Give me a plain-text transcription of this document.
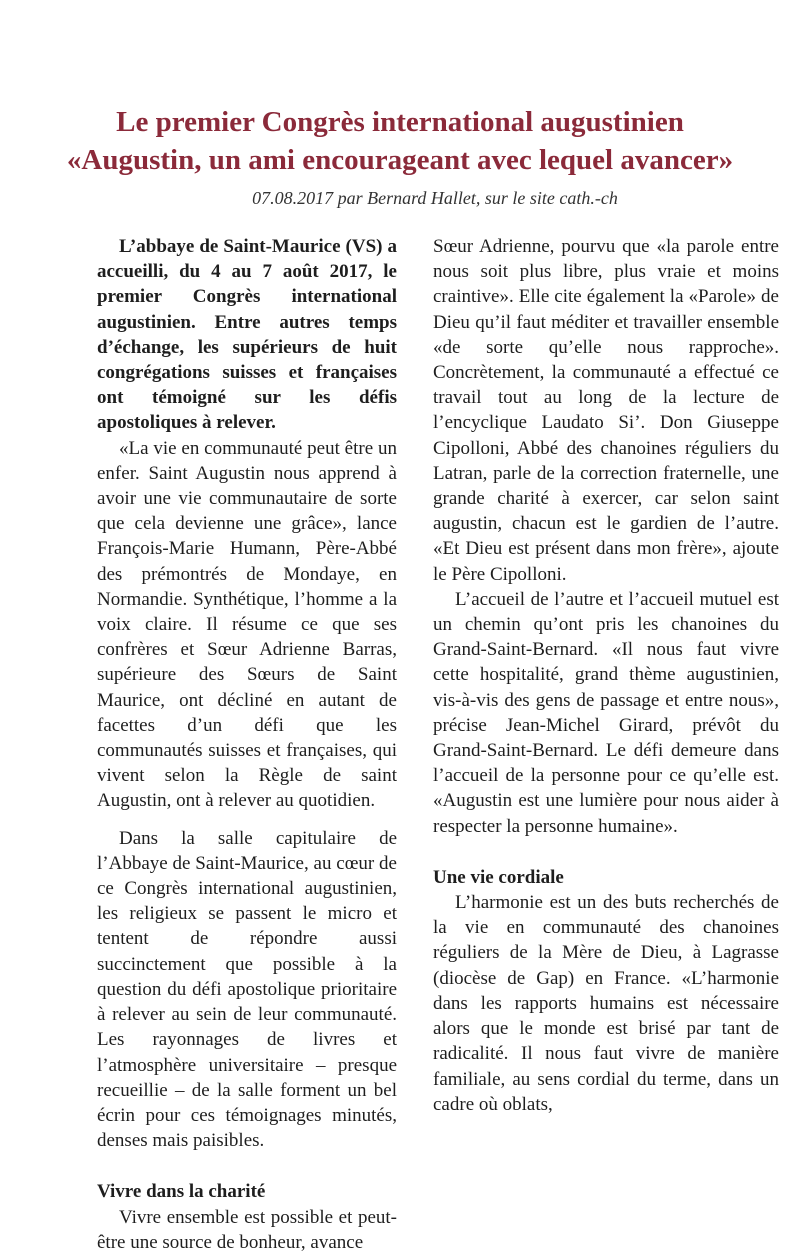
Le premier Congrès international augustinien
«Augustin, un ami encourageant avec lequel avancer»
07.08.2017 par Bernard Hallet, sur le site cath.-ch

L’abbaye de Saint-Maurice (VS) a accueilli, du 4 au 7 août 2017, le premier Congrès international augustinien. Entre autres temps d’échange, les supérieurs de huit congrégations suisses et françaises ont témoigné sur les défis apostoliques à relever.

«La vie en communauté peut être un enfer. Saint Augustin nous apprend à avoir une vie communautaire de sorte que cela devienne une grâce», lance François-Marie Humann, Père-Abbé des prémontrés de Mondaye, en Normandie. Synthétique, l’homme a la voix claire. Il résume ce que ses confrères et Sœur Adrienne Barras, supérieure des Sœurs de Saint Maurice, ont décliné en autant de facettes d’un défi que les communautés suisses et françaises, qui vivent selon la Règle de saint Augustin, ont à relever au quotidien.

Dans la salle capitulaire de l’Abbaye de Saint-Maurice, au cœur de ce Congrès international augustinien, les religieux se passent le micro et tentent de répondre aussi succinctement que possible à la question du défi apostolique prioritaire à relever au sein de leur communauté. Les rayonnages de livres et l’atmosphère universitaire – presque recueillie – de la salle forment un bel écrin pour ces témoignages minutés, denses mais paisibles.

Vivre dans la charité

Vivre ensemble est possible et peut-être une source de bonheur, avance

Sœur Adrienne, pourvu que «la parole entre nous soit plus libre, plus vraie et moins craintive». Elle cite également la «Parole» de Dieu qu’il faut méditer et travailler ensemble «de sorte qu’elle nous rapproche». Concrètement, la communauté a effectué ce travail tout au long de la lecture de l’encyclique Laudato Si’. Don Giuseppe Cipolloni, Abbé des chanoines réguliers du Latran, parle de la correction fraternelle, une grande charité à exercer, car selon saint augustin, chacun est le gardien de l’autre. «Et Dieu est présent dans mon frère», ajoute le Père Cipolloni.

L’accueil de l’autre et l’accueil mutuel est un chemin qu’ont pris les chanoines du Grand-Saint-Bernard. «Il nous faut vivre cette hospitalité, grand thème augustinien, vis-à-vis des gens de passage et entre nous», précise Jean-Michel Girard, prévôt du Grand-Saint-Bernard. Le défi demeure dans l’accueil de la personne pour ce qu’elle est. «Augustin est une lumière pour nous aider à respecter la personne humaine».

Une vie cordiale

L’harmonie est un des buts recherchés de la vie en communauté des chanoines réguliers de la Mère de Dieu, à Lagrasse (diocèse de Gap) en France. «L’harmonie dans les rapports humains est nécessaire alors que le monde est brisé par tant de radicalité. Il nous faut vivre de manière familiale, au sens cordial du terme, dans un cadre où oblats,
